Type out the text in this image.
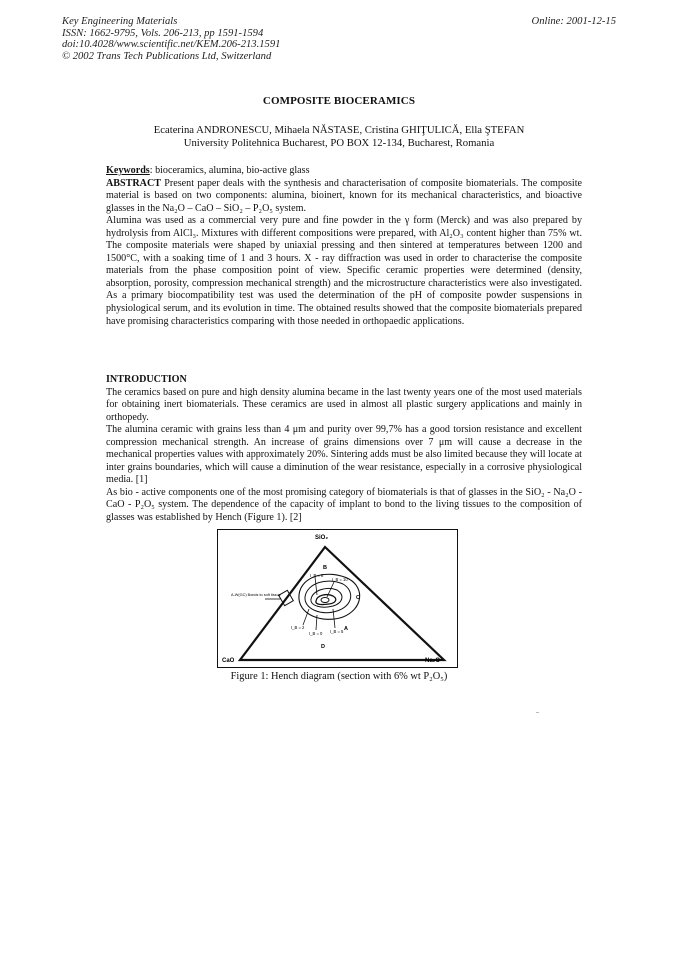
Key Engineering Materials
ISSN: 1662-9795, Vols. 206-213, pp 1591-1594
doi:10.4028/www.scientific.net/KEM.206-213.1591
© 2002 Trans Tech Publications Ltd, Switzerland
Online: 2001-12-15
COMPOSITE BIOCERAMICS
Ecaterina ANDRONESCU, Mihaela NĂSTASE, Cristina GHIŢULICĂ, Ella ŞTEFAN
University Politehnica Bucharest, PO BOX 12-134, Bucharest, Romania

Keywords: bioceramics, alumina, bio-active glass

ABSTRACT Present paper deals with the synthesis and characterisation of composite biomaterials. The composite material is based on two components: alumina, bioinert, known for its mechanical characteristics, and bioactive glasses in the Na₂O – CaO – SiO₂ – P₂O₅ system.

Alumina was used as a commercial very pure and fine powder in the γ form (Merck) and was also prepared by hydrolysis from AlCl₃. Mixtures with different compositions were prepared, with Al₂O₃ content higher than 75% wt. The composite materials were shaped by uniaxial pressing and then sintered at temperatures between 1200 and 1500°C, with a soaking time of 1 and 3 hours. X - ray diffraction was used in order to characterise the composite materials from the phase composition point of view. Specific ceramic properties were determined (density, absorption, porosity, compression mechanical strength) and the microstructure characteristics were also investigated. As a primary biocompatibility test was used the determination of the pH of composite powder suspensions in physiological serum, and its evolution in time. The obtained results showed that the composite biomaterials prepared have promising characteristics comparing with those needed in orthopaedic applications.

INTRODUCTION

The ceramics based on pure and high density alumina became in the last twenty years one of the most used materials for obtaining inert biomaterials. These ceramics are used in almost all plastic surgery applications and mainly in orthopedy.

The alumina ceramic with grains less than 4 μm and purity over 99,7% has a good torsion resistance and excellent compression mechanical strength. An increase of grains dimensions over 7 μm will cause a decrease in the mechanical properties values with approximately 20%. Sintering adds must be also limited because they will locate at inter grains boundaries, which will cause a diminution of the wear resistance, especially in a corrosive physiological media. [1]

As bio - active components one of the most promising category of biomaterials is that of glasses in the SiO₂ - Na₂O - CaO - P₂O₅ system. The dependence of the capacity of implant to bond to the living tissues to the composition of glasses was established by Hench (Figure 1). [2]

SiO₂
CaO	Na₂O
B
C
A
D
I_B = 8
I_B = 10
I_B = 2
I_B = 0 I_B = 5
A-W(GC) Bonds to soft tissue
Figure 1: Hench diagram (section with 6% wt P₂O₅)
